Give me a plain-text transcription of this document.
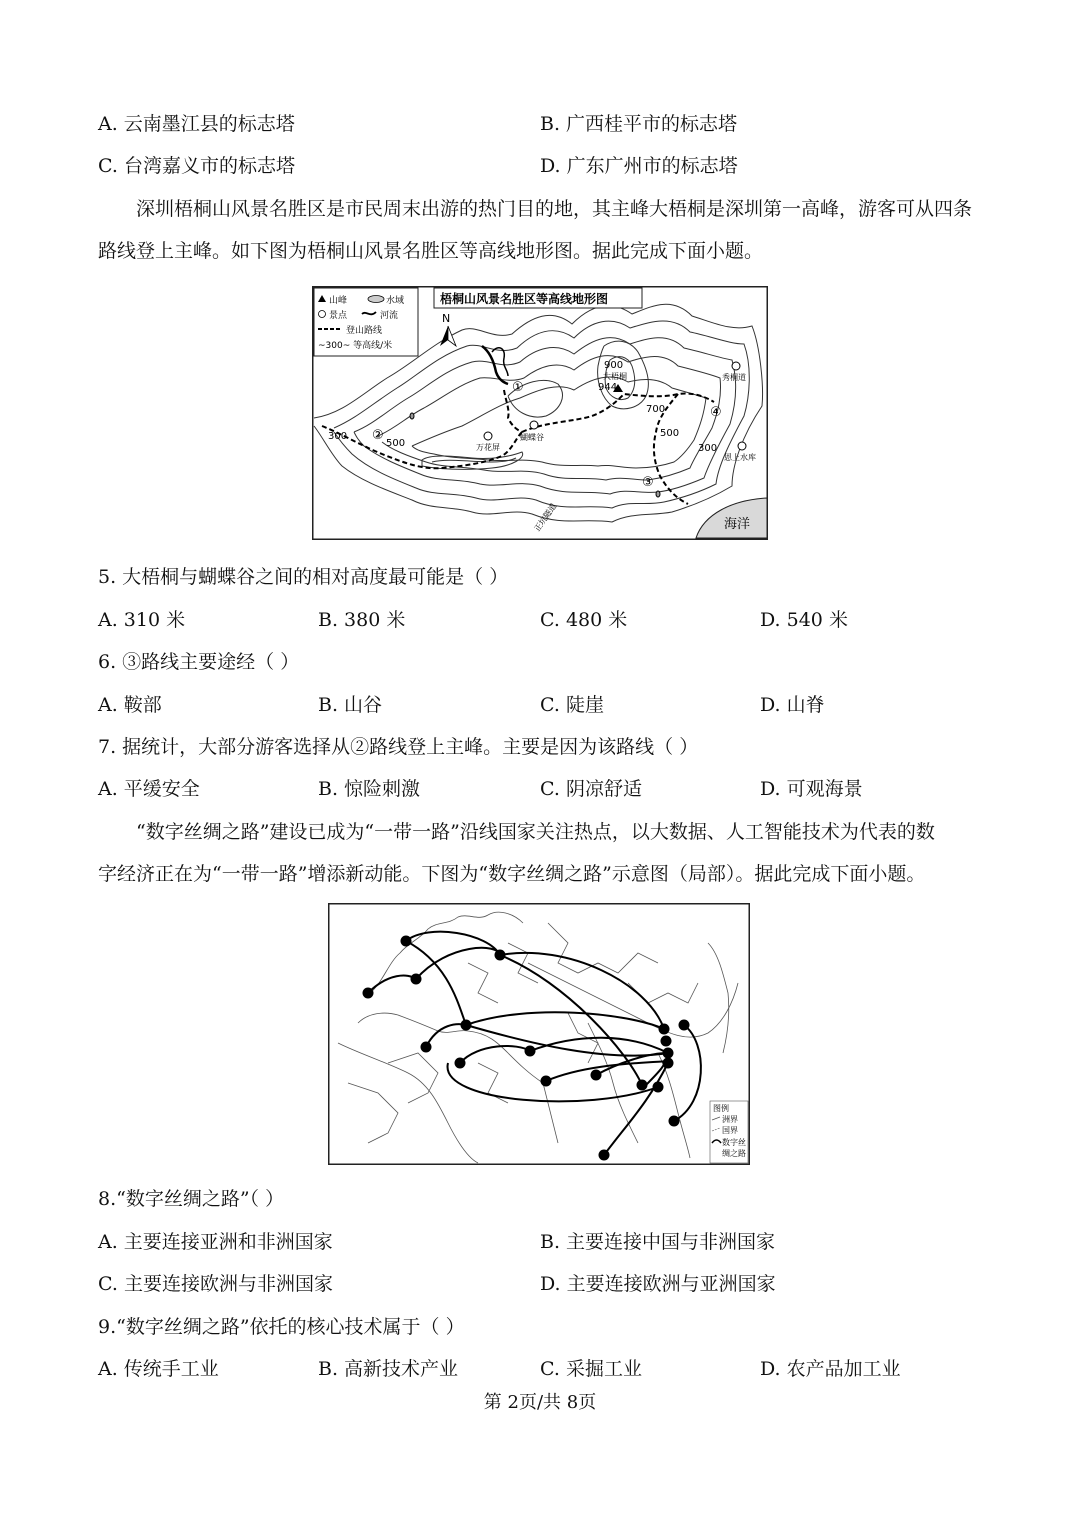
A. 云南墨江县的标志塔	B. 广西桂平市的标志塔
C. 台湾嘉义市的标志塔	D. 广东广州市的标志塔
深圳梧桐山风景名胜区是市民周末出游的热门目的地，其主峰大梧桐是深圳第一高峰，游客可从四条
路线登上主峰。如下图为梧桐山风景名胜区等高线地形图。据此完成下面小题。
海洋
①
②
③
④
300
500
900
大梧桐
944
700
500
300
万花屏
蝴蝶谷
秀桐道
恩上水库
正坑隧道
N
梧桐山风景名胜区等高线地形图
山峰	水域
景点	河流
登山路线
~300~ 等高线/米
5. 大梧桐与蝴蝶谷之间的相对高度最可能是（ ）
A. 310 米	B. 380 米	C. 480 米	D. 540 米
6. ③路线主要途经（ ）
A. 鞍部	B. 山谷	C. 陡崖	D. 山脊
7. 据统计，大部分游客选择从②路线登上主峰。主要是因为该路线（ ）
A. 平缓安全	B. 惊险刺激	C. 阴凉舒适	D. 可观海景
“数字丝绸之路”建设已成为“一带一路”沿线国家关注热点，以大数据、人工智能技术为代表的数
字经济正在为“一带一路”增添新动能。下图为“数字丝绸之路”示意图（局部）。据此完成下面小题。
图例
洲界
国界
数字丝
绸之路
8.“数字丝绸之路”（ ）
A. 主要连接亚洲和非洲国家	B. 主要连接中国与非洲国家
C. 主要连接欧洲与非洲国家	D. 主要连接欧洲与亚洲国家
9.“数字丝绸之路”依托的核心技术属于（ ）
A. 传统手工业	B. 高新技术产业	C. 采掘工业	D. 农产品加工业
第 2页/共 8页
